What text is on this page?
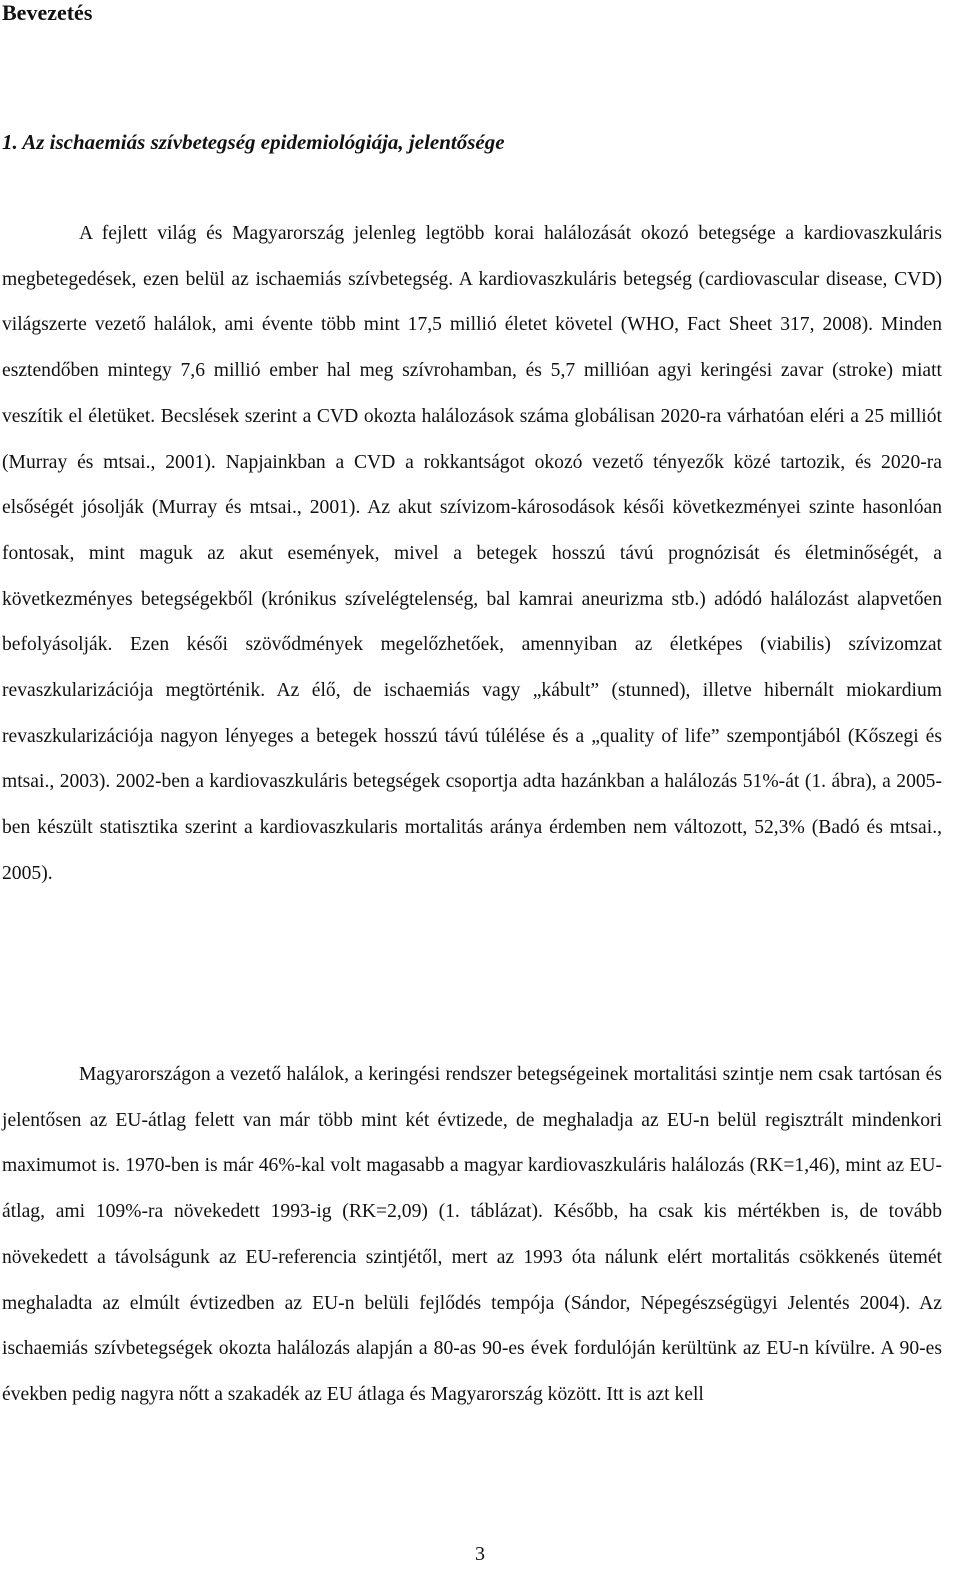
Bevezetés
1. Az ischaemiás szívbetegség epidemiológiája, jelentősége

A fejlett világ és Magyarország jelenleg legtöbb korai halálozását okozó betegsége a kardiovaszkuláris megbetegedések, ezen belül az ischaemiás szívbetegség. A kardiovaszkuláris betegség (cardiovascular disease, CVD) világszerte vezető halálok, ami évente több mint 17,5 millió életet követel (WHO, Fact Sheet 317, 2008). Minden esztendőben mintegy 7,6 millió ember hal meg szívrohamban, és 5,7 millióan agyi keringési zavar (stroke) miatt veszítik el életüket. Becslések szerint a CVD okozta halálozások száma globálisan 2020-ra várhatóan eléri a 25 milliót (Murray és mtsai., 2001). Napjainkban a CVD a rokkantságot okozó vezető tényezők közé tartozik, és 2020-ra elsőségét jósolják (Murray és mtsai., 2001). Az akut szívizom-károsodások késői következményei szinte hasonlóan fontosak, mint maguk az akut események, mivel a betegek hosszú távú prognózisát és életminőségét, a következményes betegségekből (krónikus szívelégtelenség, bal kamrai aneurizma stb.) adódó halálozást alapvetően befolyásolják. Ezen késői szövődmények megelőzhetőek, amennyiban az életképes (viabilis) szívizomzat revaszkularizációja megtörténik. Az élő, de ischaemiás vagy „kábult” (stunned), illetve hibernált miokardium revaszkularizációja nagyon lényeges a betegek hosszú távú túlélése és a „quality of life” szempontjából (Kőszegi és mtsai., 2003). 2002-ben a kardiovaszkuláris betegségek csoportja adta hazánkban a halálozás 51%-át (1. ábra), a 2005-ben készült statisztika szerint a kardiovaszkularis mortalitás aránya érdemben nem változott, 52,3% (Badó és mtsai., 2005).

Magyarországon a vezető halálok, a keringési rendszer betegségeinek mortalitási szintje nem csak tartósan és jelentősen az EU-átlag felett van már több mint két évtizede, de meghaladja az EU-n belül regisztrált mindenkori maximumot is. 1970-ben is már 46%-kal volt magasabb a magyar kardiovaszkuláris halálozás (RK=1,46), mint az EU-átlag, ami 109%-ra növekedett 1993-ig (RK=2,09) (1. táblázat). Később, ha csak kis mértékben is, de tovább növekedett a távolságunk az EU-referencia szintjétől, mert az 1993 óta nálunk elért mortalitás csökkenés ütemét meghaladta az elmúlt évtizedben az EU-n belüli fejlődés tempója (Sándor, Népegészségügyi Jelentés 2004). Az ischaemiás szívbetegségek okozta halálozás alapján a 80-as 90-es évek fordulóján kerültünk az EU-n kívülre. A 90-es években pedig nagyra nőtt a szakadék az EU átlaga és Magyarország között. Itt is azt kell

3
